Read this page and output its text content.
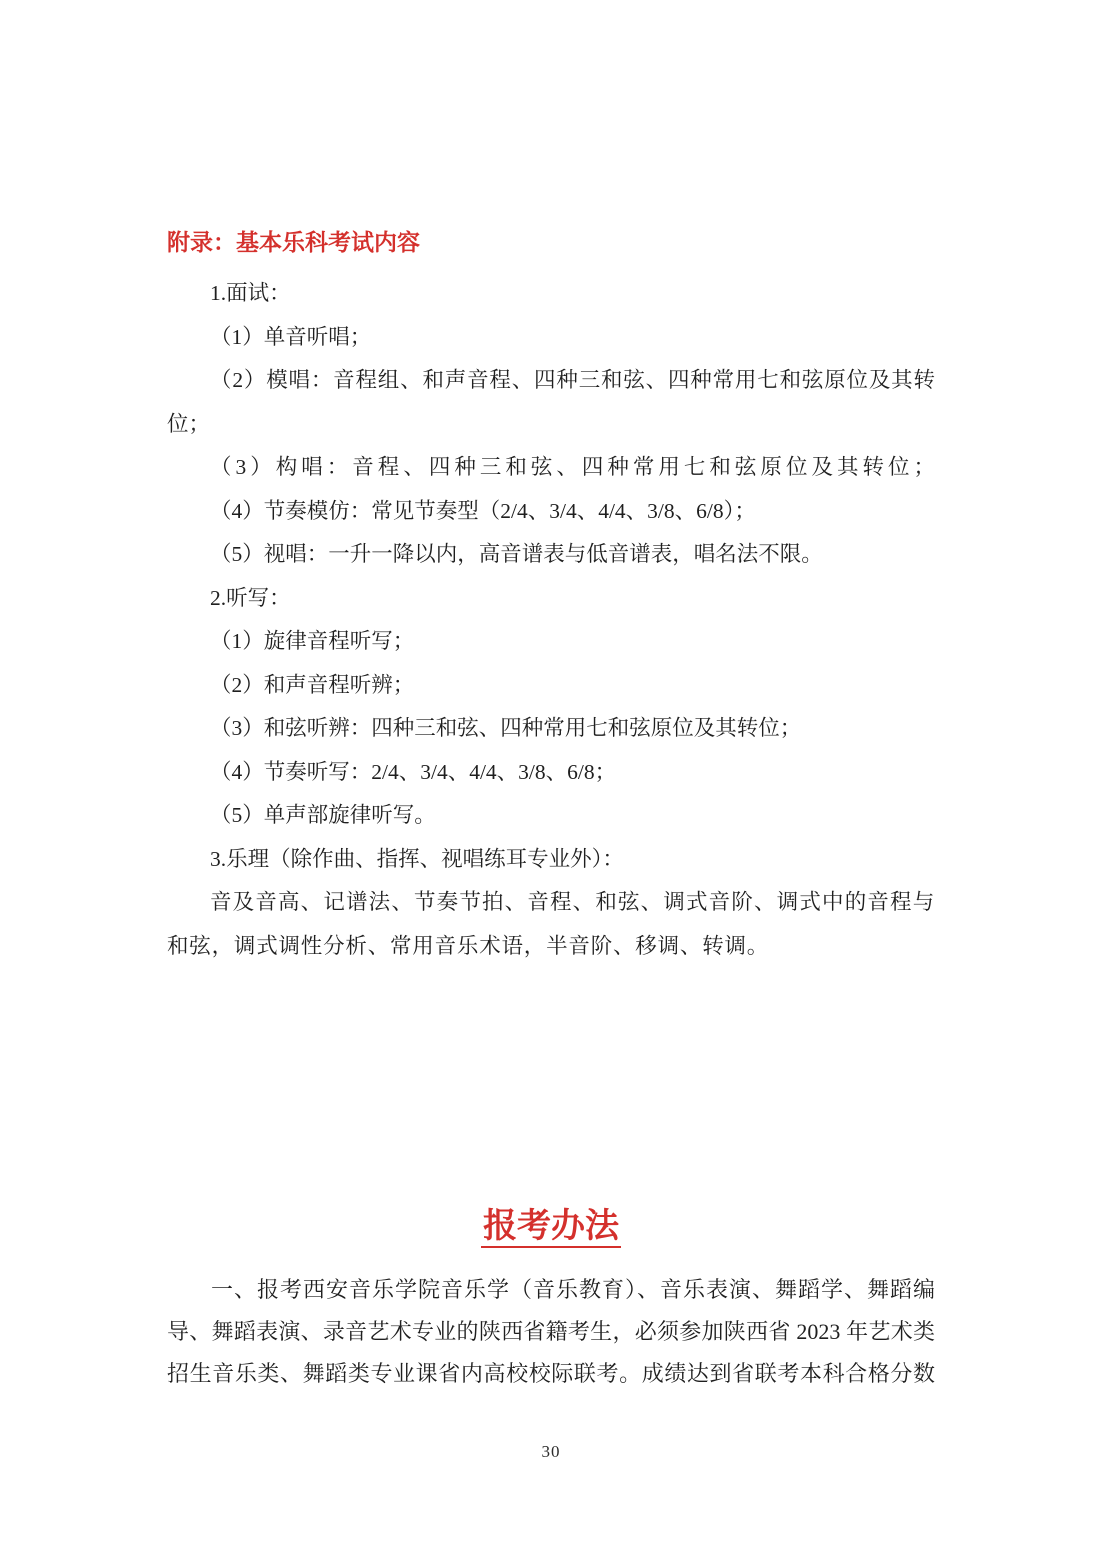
附录：基本乐科考试内容

1.面试：

（1）单音听唱；

（2）模唱：音程组、和声音程、四种三和弦、四种常用七和弦原位及其转位；

（3）构唱：音程、四种三和弦、四种常用七和弦原位及其转位；

（4）节奏模仿：常见节奏型（2/4、3/4、4/4、3/8、6/8）；

（5）视唱：一升一降以内，高音谱表与低音谱表，唱名法不限。

2.听写：

（1）旋律音程听写；

（2）和声音程听辨；

（3）和弦听辨：四种三和弦、四种常用七和弦原位及其转位；

（4）节奏听写：2/4、3/4、4/4、3/8、6/8；

（5）单声部旋律听写。

3.乐理（除作曲、指挥、视唱练耳专业外）：

音及音高、记谱法、节奏节拍、音程、和弦、调式音阶、调式中的音程与和弦，调式调性分析、常用音乐术语，半音阶、移调、转调。

报考办法

一、报考西安音乐学院音乐学（音乐教育）、音乐表演、舞蹈学、舞蹈编导、舞蹈表演、录音艺术专业的陕西省籍考生，必须参加陕西省 2023 年艺术类招生音乐类、舞蹈类专业课省内高校校际联考。成绩达到省联考本科合格分数

30
